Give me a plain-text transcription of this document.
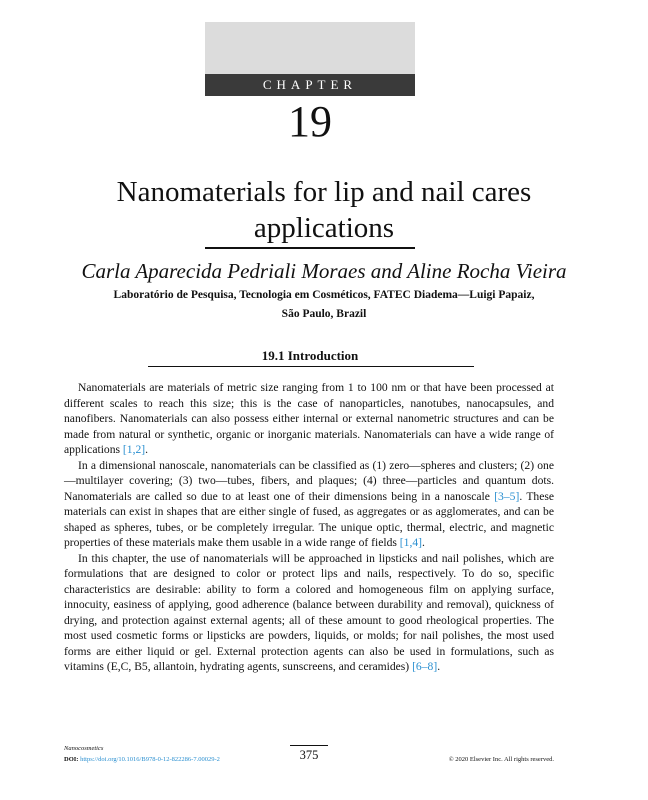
CHAPTER
19
Nanomaterials for lip and nail cares
applications
Carla Aparecida Pedriali Moraes and Aline Rocha Vieira
Laboratório de Pesquisa, Tecnologia em Cosméticos, FATEC Diadema—Luigi Papaiz,
São Paulo, Brazil
19.1 Introduction

Nanomaterials are materials of metric size ranging from 1 to 100 nm or that have been processed at different scales to reach this size; this is the case of nanoparticles, nanotubes, nanocapsules, and nanofibers. Nanomaterials can also possess either internal or external nanometric structures and can be made from natural or synthetic, organic or inorganic materials. Nanomaterials can have a wide range of applications [1,2].

In a dimensional nanoscale, nanomaterials can be classified as (1) zero—spheres and clusters; (2) one—multilayer covering; (3) two—tubes, fibers, and plaques; (4) three—particles and quantum dots. Nanomaterials are called so due to at least one of their dimensions being in a nanoscale [3–5]. These materials can exist in shapes that are either single of fused, as aggregates or as agglomerates, and can be shaped as spheres, tubes, or be completely irregular. The unique optic, thermal, electric, and magnetic properties of these materials make them usable in a wide range of fields [1,4].

In this chapter, the use of nanomaterials will be approached in lipsticks and nail polishes, which are formulations that are designed to color or protect lips and nails, respectively. To do so, specific characteristics are desirable: ability to form a colored and homogeneous film on applying surface, innocuity, easiness of applying, good adherence (balance between durability and removal), quickness of drying, and protection against external agents; all of these amount to good rheological properties. The most used cosmetic forms or lipsticks are powders, liquids, or molds; for nail polishes, the most used forms are either liquid or gel. External protection agents can also be used in formulations, such as vitamins (E,C, B5, allantoin, hydrating agents, sunscreens, and ceramides) [6–8].

Nanocosmetics	375
DOI: https://doi.org/10.1016/B978-0-12-822286-7.00029-2	© 2020 Elsevier Inc. All rights reserved.
